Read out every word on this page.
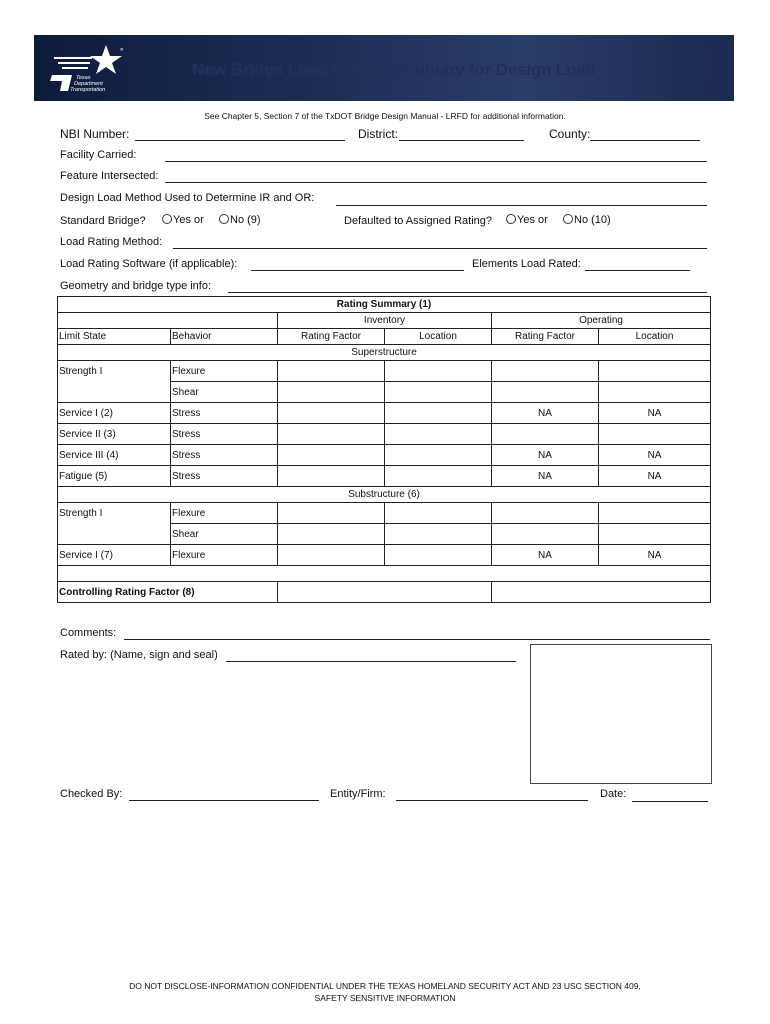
»
Texas
Department
of Transportation
New Bridge Load Rating Summary for Design Load
Form 2731
(Rev. 9/22)
Page of
See Chapter 5, Section 7 of the TxDOT Bridge Design Manual - LRFD for additional information.
NBI Number:	District:	County:
Facility Carried:
Feature Intersected:
Design Load Method Used to Determine IR and OR:
Standard Bridge?	Yes or	No (9)	Defaulted to Assigned Rating?	Yes or	No (10)
Load Rating Method:
Load Rating Software (if applicable):	Elements Load Rated:
Geometry and bridge type info:
Rating Summary (1)					
		Inventory		Operating	
Limit State	Behavior	Rating Factor	Location	Rating Factor	Location
Superstructure					
Strength I	Flexure				
	Shear				
Service I (2)	Stress			NA	NA
Service II (3)	Stress				
Service III (4)	Stress			NA	NA
Fatigue (5)	Stress			NA	NA
Substructure (6)					
Strength I	Flexure				
	Shear				
Service I (7)	Flexure			NA	NA

Controlling Rating Factor (8)					
Comments:
Rated by: (Name, sign and seal)
Checked By:	Entity/Firm:	Date:
DO NOT DISCLOSE-INFORMATION CONFIDENTIAL UNDER THE TEXAS HOMELAND SECURITY ACT AND 23 USC SECTION 409,
SAFETY SENSITIVE INFORMATION
